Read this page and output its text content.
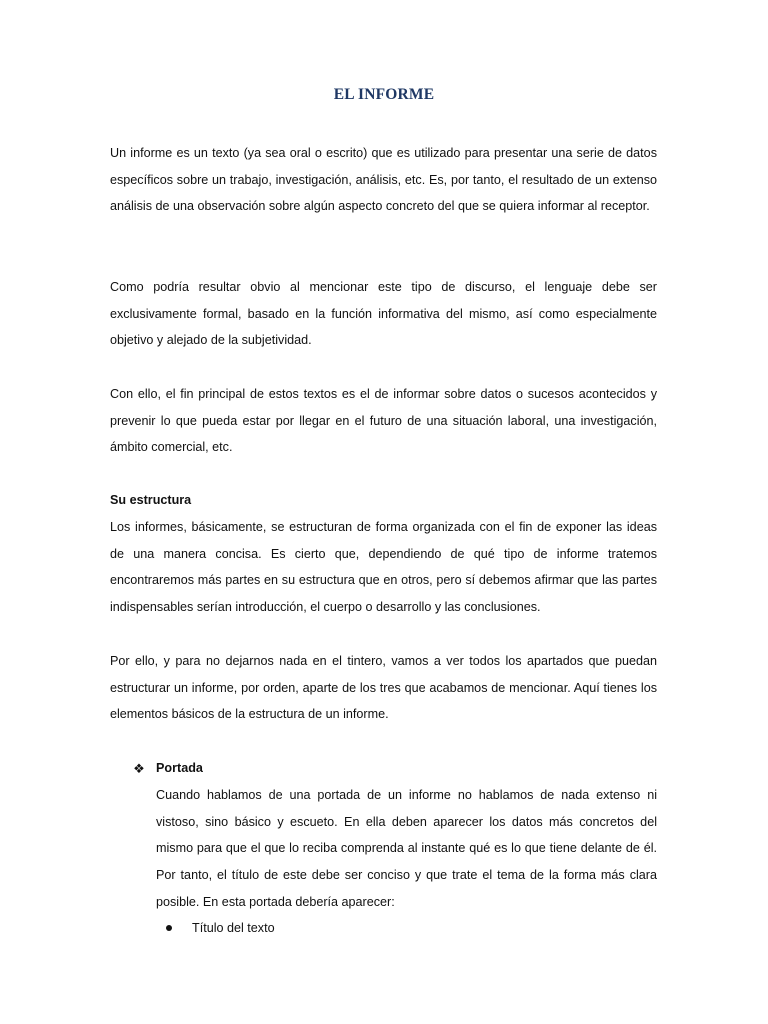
EL INFORME

Un informe es un texto (ya sea oral o escrito) que es utilizado para presentar una serie de datos específicos sobre un trabajo, investigación, análisis, etc. Es, por tanto, el resultado de un extenso análisis de una observación sobre algún aspecto concreto del que se quiera informar al receptor.

Como podría resultar obvio al mencionar este tipo de discurso, el lenguaje debe ser exclusivamente formal, basado en la función informativa del mismo, así como especialmente objetivo y alejado de la subjetividad.

Con ello, el fin principal de estos textos es el de informar sobre datos o sucesos acontecidos y prevenir lo que pueda estar por llegar en el futuro de una situación laboral, una investigación, ámbito comercial, etc.

Su estructura

Los informes, básicamente, se estructuran de forma organizada con el fin de exponer las ideas de una manera concisa. Es cierto que, dependiendo de qué tipo de informe tratemos encontraremos más partes en su estructura que en otros, pero sí debemos afirmar que las partes indispensables serían introducción, el cuerpo o desarrollo y las conclusiones.

Por ello, y para no dejarnos nada en el tintero, vamos a ver todos los apartados que puedan estructurar un informe, por orden, aparte de los tres que acabamos de mencionar. Aquí tienes los elementos básicos de la estructura de un informe.

❖ Portada

Cuando hablamos de una portada de un informe no hablamos de nada extenso ni vistoso, sino básico y escueto. En ella deben aparecer los datos más concretos del mismo para que el que lo reciba comprenda al instante qué es lo que tiene delante de él. Por tanto, el título de este debe ser conciso y que trate el tema de la forma más clara posible. En esta portada debería aparecer:

Título del texto
